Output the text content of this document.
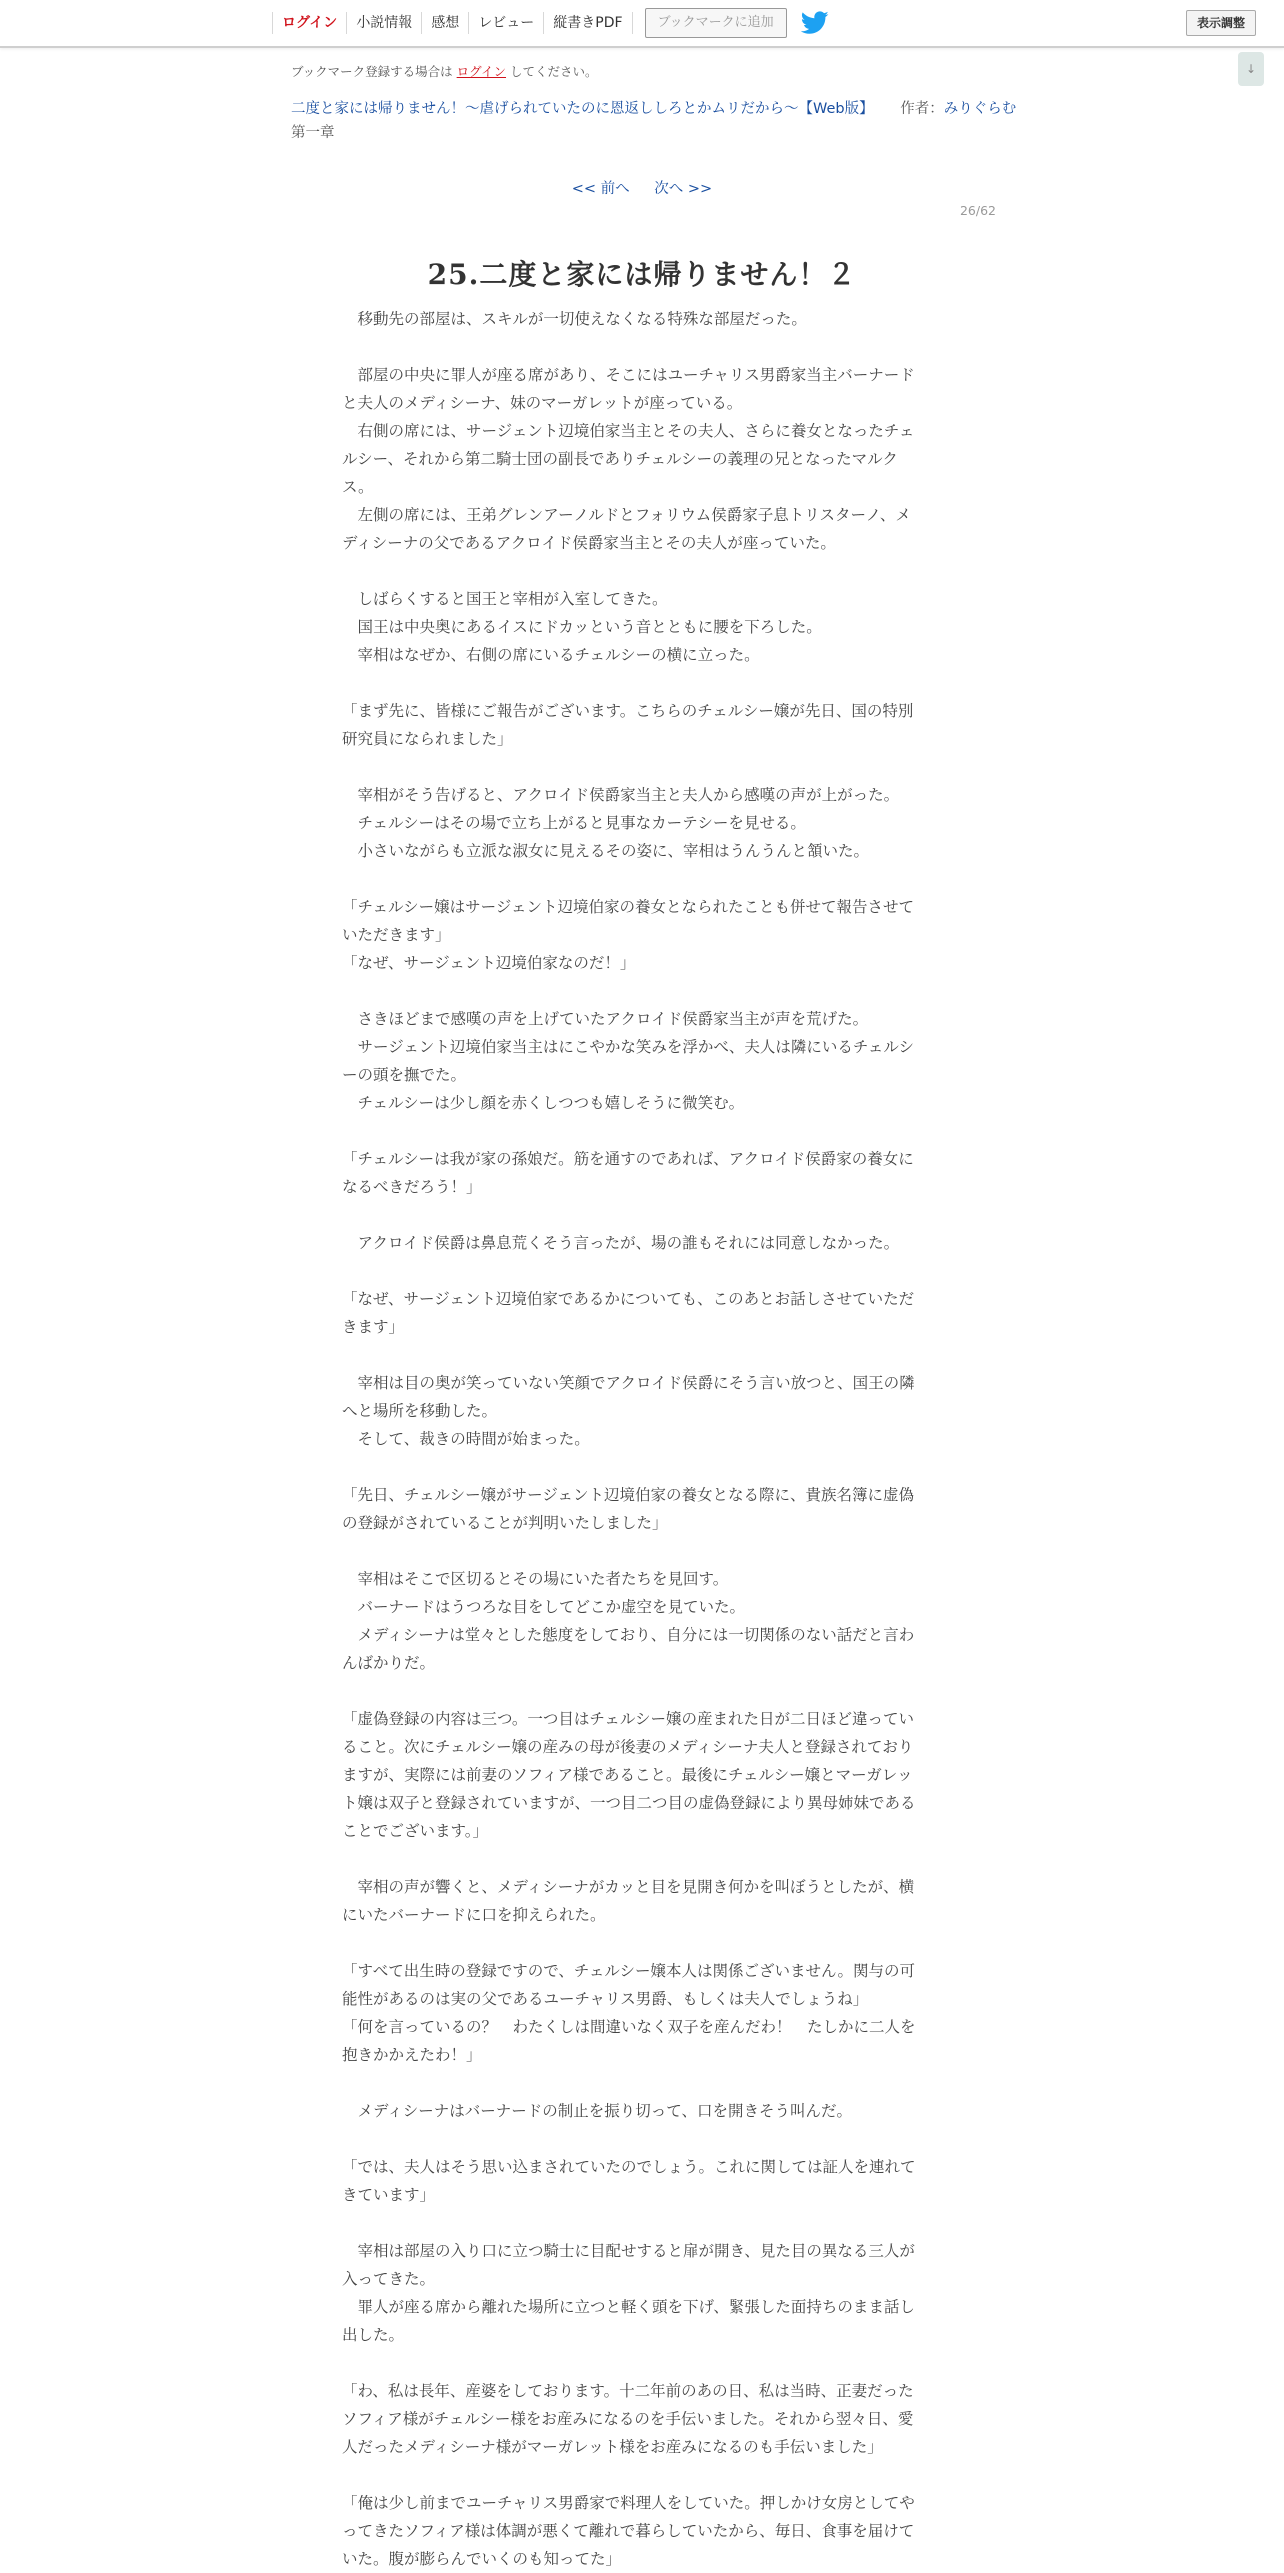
ログイン	小説情報	感想	レビュー	縦書きPDF	ブックマークに追加	表示調整
↓
ブックマーク登録する場合は ログイン してください。
二度と家には帰りません！～虐げられていたのに恩返ししろとかムリだから～【Web版】 作者：みりぐらむ
第一章
<< 前へ 次へ >>
26/62
25.二度と家には帰りません！２

　移動先の部屋は、スキルが一切使えなくなる特殊な部屋だった。

　部屋の中央に罪人が座る席があり、そこにはユーチャリス男爵家当主バーナード

と夫人のメディシーナ、妹のマーガレットが座っている。

　右側の席には、サージェント辺境伯家当主とその夫人、さらに養女となったチェ

ルシー、それから第二騎士団の副長でありチェルシーの義理の兄となったマルク

ス。

　左側の席には、王弟グレンアーノルドとフォリウム侯爵家子息トリスターノ、メ

ディシーナの父であるアクロイド侯爵家当主とその夫人が座っていた。

　しばらくすると国王と宰相が入室してきた。

　国王は中央奥にあるイスにドカッという音とともに腰を下ろした。

　宰相はなぜか、右側の席にいるチェルシーの横に立った。

「まず先に、皆様にご報告がございます。こちらのチェルシー嬢が先日、国の特別

研究員になられました」

　宰相がそう告げると、アクロイド侯爵家当主と夫人から感嘆の声が上がった。

　チェルシーはその場で立ち上がると見事なカーテシーを見せる。

　小さいながらも立派な淑女に見えるその姿に、宰相はうんうんと頷いた。

「チェルシー嬢はサージェント辺境伯家の養女となられたことも併せて報告させて

いただきます」

「なぜ、サージェント辺境伯家なのだ！」

　さきほどまで感嘆の声を上げていたアクロイド侯爵家当主が声を荒げた。

　サージェント辺境伯家当主はにこやかな笑みを浮かべ、夫人は隣にいるチェルシ

ーの頭を撫でた。

　チェルシーは少し顔を赤くしつつも嬉しそうに微笑む。

「チェルシーは我が家の孫娘だ。筋を通すのであれば、アクロイド侯爵家の養女に

なるべきだろう！」

　アクロイド侯爵は鼻息荒くそう言ったが、場の誰もそれには同意しなかった。

「なぜ、サージェント辺境伯家であるかについても、このあとお話しさせていただ

きます」

　宰相は目の奥が笑っていない笑顔でアクロイド侯爵にそう言い放つと、国王の隣

へと場所を移動した。

　そして、裁きの時間が始まった。

「先日、チェルシー嬢がサージェント辺境伯家の養女となる際に、貴族名簿に虚偽

の登録がされていることが判明いたしました」

　宰相はそこで区切るとその場にいた者たちを見回す。

　バーナードはうつろな目をしてどこか虚空を見ていた。

　メディシーナは堂々とした態度をしており、自分には一切関係のない話だと言わ

んばかりだ。

「虚偽登録の内容は三つ。一つ目はチェルシー嬢の産まれた日が二日ほど違ってい

ること。次にチェルシー嬢の産みの母が後妻のメディシーナ夫人と登録されており

ますが、実際には前妻のソフィア様であること。最後にチェルシー嬢とマーガレッ

ト嬢は双子と登録されていますが、一つ目二つ目の虚偽登録により異母姉妹である

ことでございます。」

　宰相の声が響くと、メディシーナがカッと目を見開き何かを叫ぼうとしたが、横

にいたバーナードに口を抑えられた。

「すべて出生時の登録ですので、チェルシー嬢本人は関係ございません。関与の可

能性があるのは実の父であるユーチャリス男爵、もしくは夫人でしょうね」

「何を言っているの？　わたくしは間違いなく双子を産んだわ！　たしかに二人を

抱きかかえたわ！」

　メディシーナはバーナードの制止を振り切って、口を開きそう叫んだ。

「では、夫人はそう思い込まされていたのでしょう。これに関しては証人を連れて

きています」

　宰相は部屋の入り口に立つ騎士に目配せすると扉が開き、見た目の異なる三人が

入ってきた。

　罪人が座る席から離れた場所に立つと軽く頭を下げ、緊張した面持ちのまま話し

出した。

「わ、私は長年、産婆をしております。十二年前のあの日、私は当時、正妻だった

ソフィア様がチェルシー様をお産みになるのを手伝いました。それから翌々日、愛

人だったメディシーナ様がマーガレット様をお産みになるのも手伝いました」

「俺は少し前までユーチャリス男爵家で料理人をしていた。押しかけ女房としてや

ってきたソフィア様は体調が悪くて離れで暮らしていたから、毎日、食事を届けて

いた。腹が膨らんでいくのも知ってた」
